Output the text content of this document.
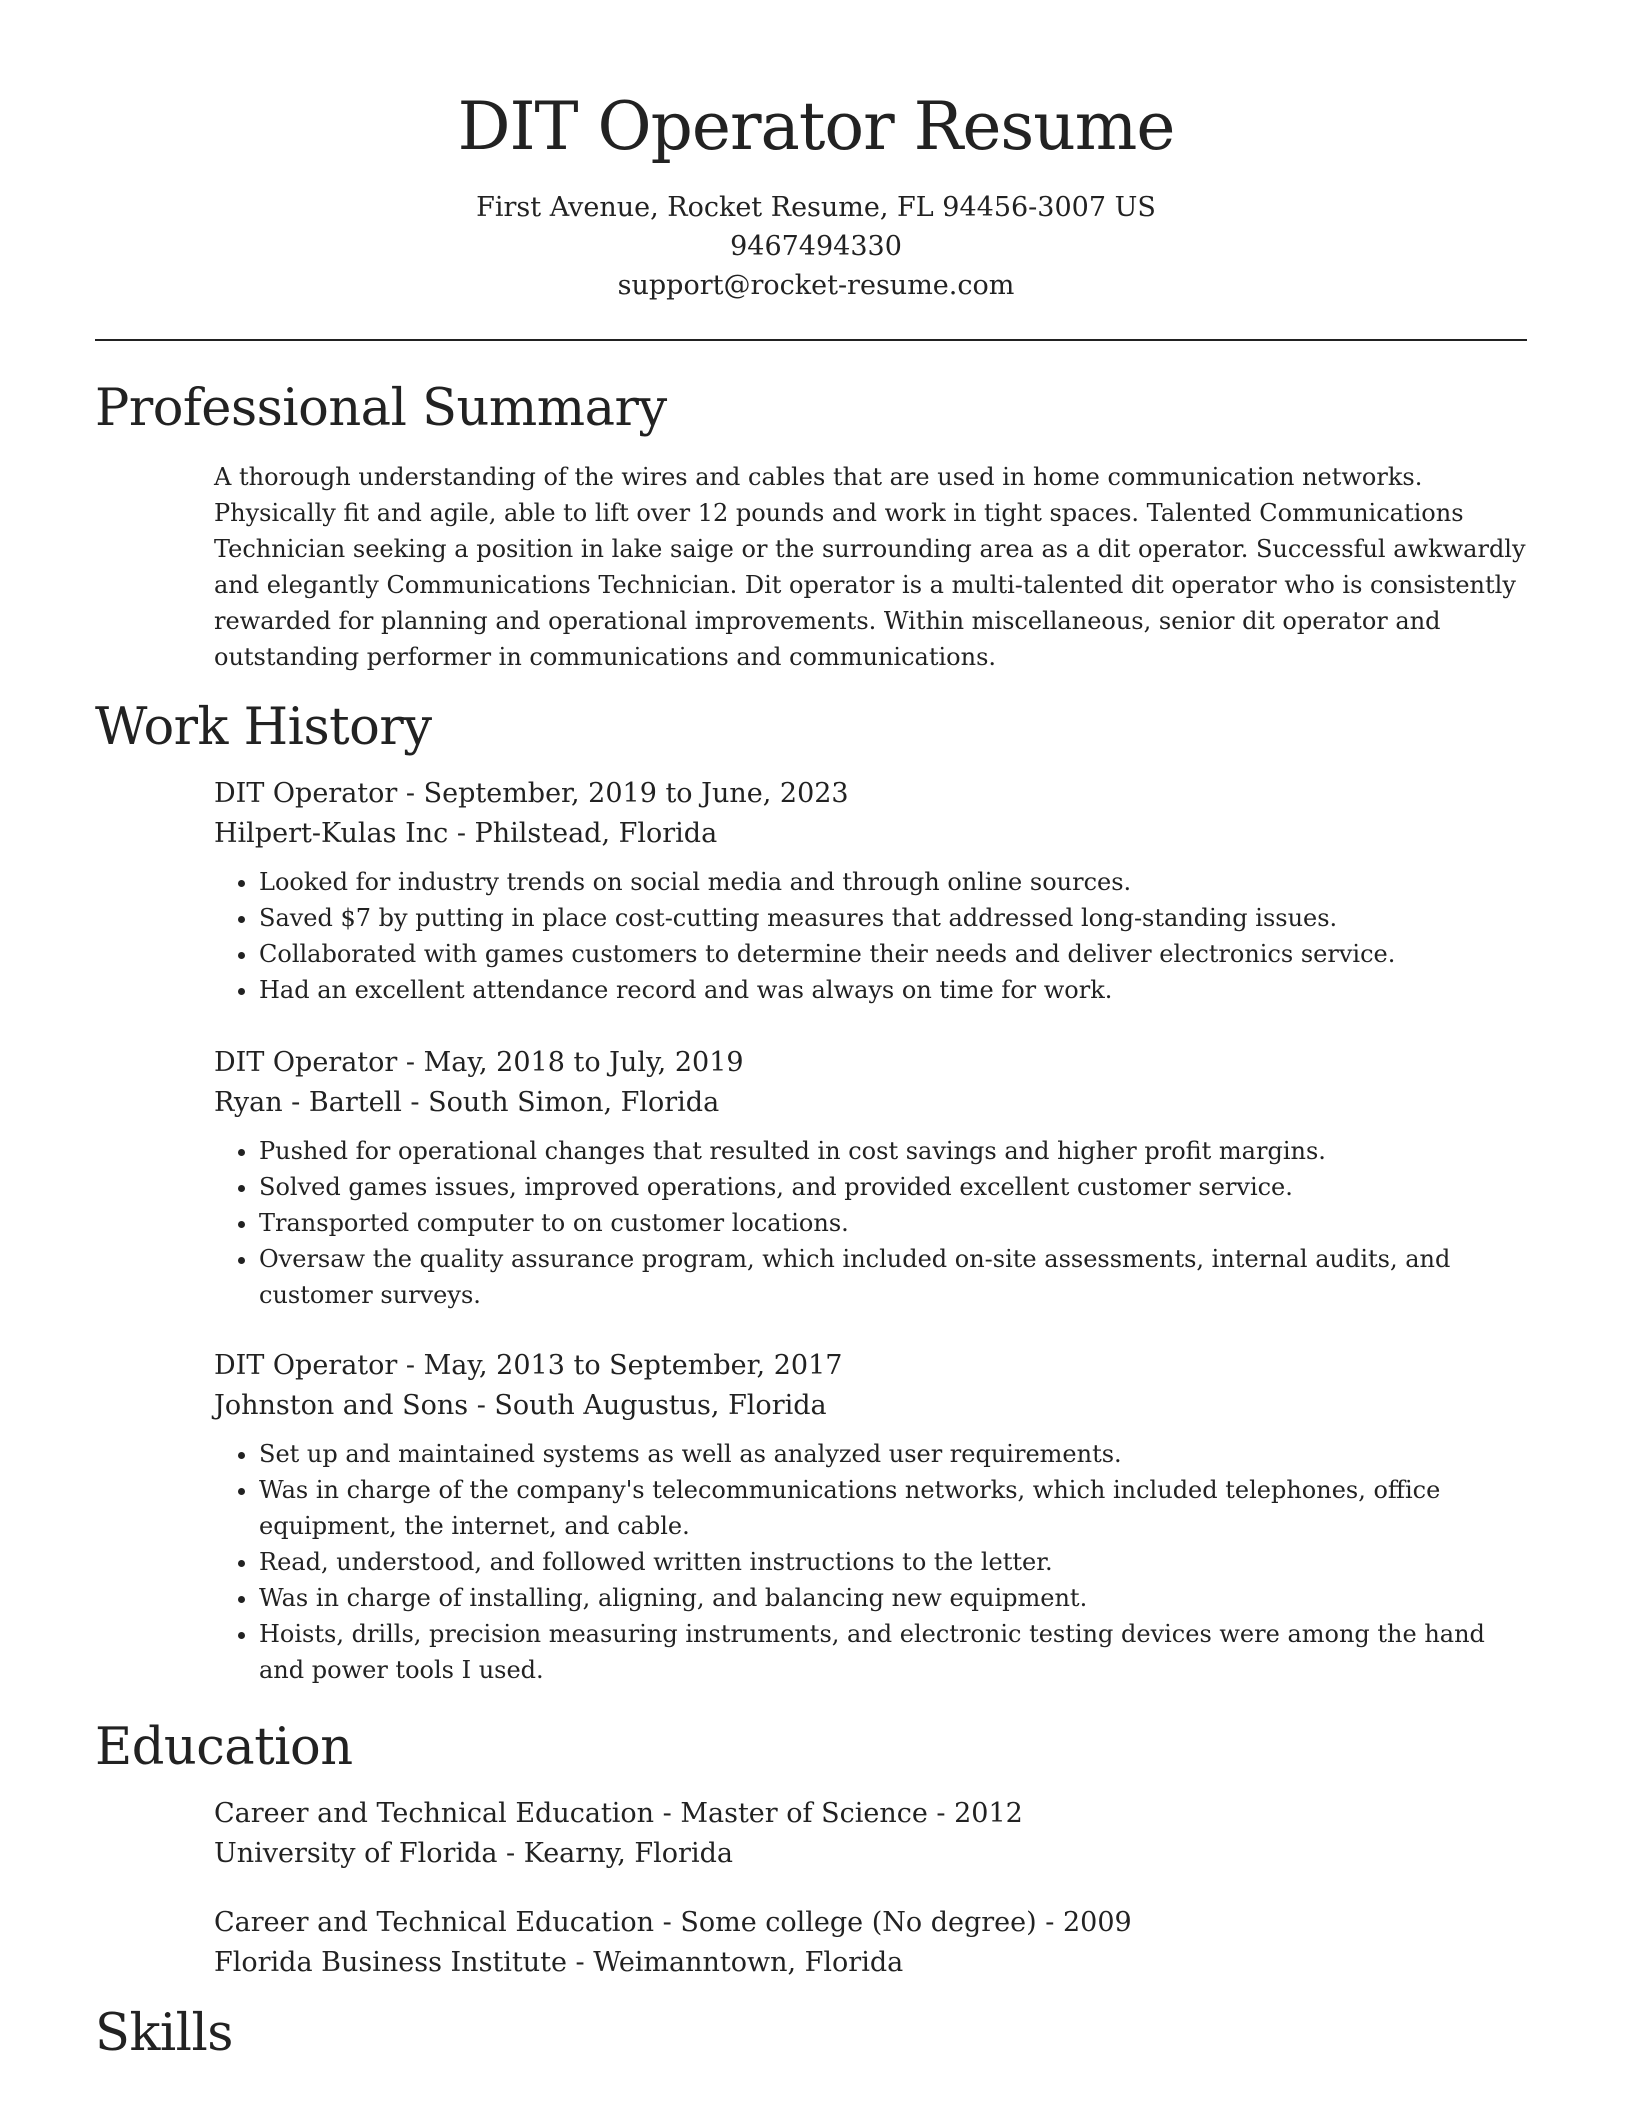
DIT Operator Resume
First Avenue, Rocket Resume, FL 94456-3007 US
9467494330
support@rocket-resume.com
Professional Summary
A thorough understanding of the wires and cables that are used in home communication networks. Physically fit and agile, able to lift over 12 pounds and work in tight spaces. Talented Communications Technician seeking a position in lake saige or the surrounding area as a dit operator. Successful awkwardly and elegantly Communications Technician. Dit operator is a multi-talented dit operator who is consistently rewarded for planning and operational improvements. Within miscellaneous, senior dit operator and outstanding performer in communications and communications.
Work History
DIT Operator - September, 2019 to June, 2023
Hilpert-Kulas Inc - Philstead, Florida
• Looked for industry trends on social media and through online sources.
• Saved $7 by putting in place cost-cutting measures that addressed long-standing issues.
• Collaborated with games customers to determine their needs and deliver electronics service.
• Had an excellent attendance record and was always on time for work.
DIT Operator - May, 2018 to July, 2019
Ryan - Bartell - South Simon, Florida
• Pushed for operational changes that resulted in cost savings and higher profit margins.
• Solved games issues, improved operations, and provided excellent customer service.
• Transported computer to on customer locations.
• Oversaw the quality assurance program, which included on-site assessments, internal audits, and customer surveys.
DIT Operator - May, 2013 to September, 2017
Johnston and Sons - South Augustus, Florida
• Set up and maintained systems as well as analyzed user requirements.
• Was in charge of the company's telecommunications networks, which included telephones, office equipment, the internet, and cable.
• Read, understood, and followed written instructions to the letter.
• Was in charge of installing, aligning, and balancing new equipment.
• Hoists, drills, precision measuring instruments, and electronic testing devices were among the hand and power tools I used.
Education
Career and Technical Education - Master of Science - 2012
University of Florida - Kearny, Florida
Career and Technical Education - Some college (No degree) - 2009
Florida Business Institute - Weimanntown, Florida
Skills
